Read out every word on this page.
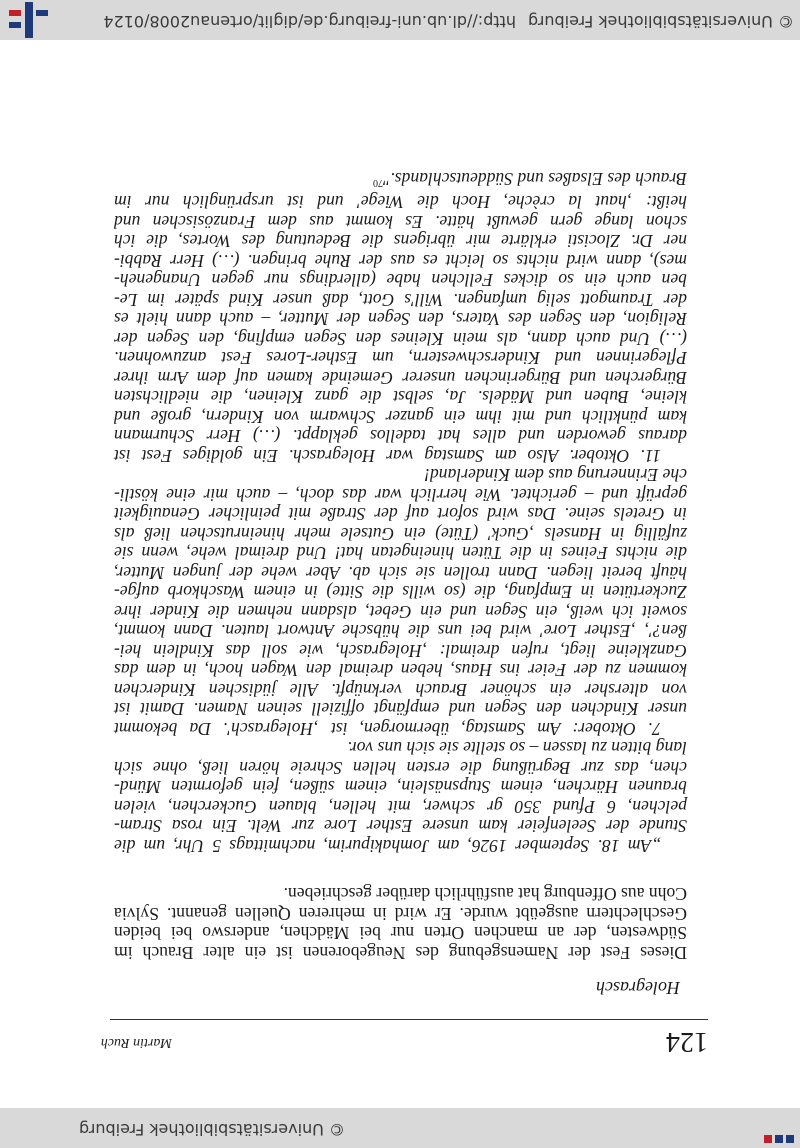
© Universitätsbibliothek Freiburg
124
Martin Ruch
Holegrasch

Dieses Fest der Namensgebung des Neugeborenen ist ein alter Brauch im Südwesten, der an manchen Orten nur bei Mädchen, anderswo bei beiden Geschlechtern ausgeübt wurde. Er wird in mehreren Quellen genannt. Sylvia Cohn aus Offenburg hat ausführlich darüber geschrieben.

„Am 18. September 1926, am Jomhakipurim, nachmittags 5 Uhr, um die
Stunde der Seelenfeier kam unsere Esther Lore zur Welt. Ein rosa Stram-
pelchen, 6 Pfund 350 gr schwer, mit hellen, blauen Guckerchen, vielen
braunen Härchen, einem Stupsnäslein, einem süßen, fein geformten Münd-
chen, das zur Begrüßung die ersten hellen Schreie hören ließ, ohne sich
lang bitten zu lassen – so stellte sie sich uns vor.
7. Oktober: Am Samstag, übermorgen, ist ‚Holegrasch'. Da bekommt
unser Kindchen den Segen und empfängt offiziell seinen Namen. Damit ist
von altersher ein schöner Brauch verknüpft. Alle jüdischen Kinderchen
kommen zu der Feier ins Haus, heben dreimal den Wagen hoch, in dem das
Ganzkleine liegt, rufen dreimal: ‚Holegrasch, wie soll das Kindlein hei-
ßen?', ‚Esther Lore' wird bei uns die hübsche Antwort lauten. Dann kommt,
soweit ich weiß, ein Segen und ein Gebet, alsdann nehmen die Kinder ihre
Zuckertüten in Empfang, die (so wills die Sitte) in einem Waschkorb aufge-
häuft bereit liegen. Dann trollen sie sich ab. Aber wehe der jungen Mutter,
die nichts Feines in die Tüten hineingetan hat! Und dreimal wehe, wenn sie
zufällig in Hansels ‚Guck' (Tüte) ein Gutsele mehr hineinrutschen ließ als
in Gretels seine. Das wird sofort auf der Straße mit peinlicher Genauigkeit
geprüft und – gerichtet. Wie herrlich war das doch, – auch mir eine köstli-
che Erinnerung aus dem Kinderland!
11. Oktober. Also am Samstag war Holegrasch. Ein goldiges Fest ist
daraus geworden und alles hat tadellos geklappt. (…) Herr Schurmann
kam pünktlich und mit ihm ein ganzer Schwarm von Kindern, große und
kleine, Buben und Mädels. Ja, selbst die ganz Kleinen, die niedlichsten
Bürgerchen und Bürgerinchen unserer Gemeinde kamen auf dem Arm ihrer
Pflegerinnen und Kinderschwestern, um Esther-Lores Fest anzuwohnen.
(…) Und auch dann, als mein Kleines den Segen empfing, den Segen der
Religion, den Segen des Vaters, den Segen der Mutter, – auch dann hielt es
der Traumgott selig umfangen. Will's Gott, daß unser Kind später im Le-
ben auch ein so dickes Fellchen habe (allerdings nur gegen Unangeneh-
mes), dann wird nichts so leicht es aus der Ruhe bringen. (…) Herr Rabbi-
ner Dr. Zlocisti erklärte mir übrigens die Bedeutung des Wortes, die ich
schon lange gern gewußt hätte. Es kommt aus dem Französischen und
heißt: ‚haut la crèche, Hoch die Wiege' und ist ursprünglich nur im
Brauch des Elsaßes und Süddeutschlands."$^{70}$
© Universitätsbibliothek Freiburg
http://dl.ub.uni-freiburg.de/diglit/ortenau2008/0124
